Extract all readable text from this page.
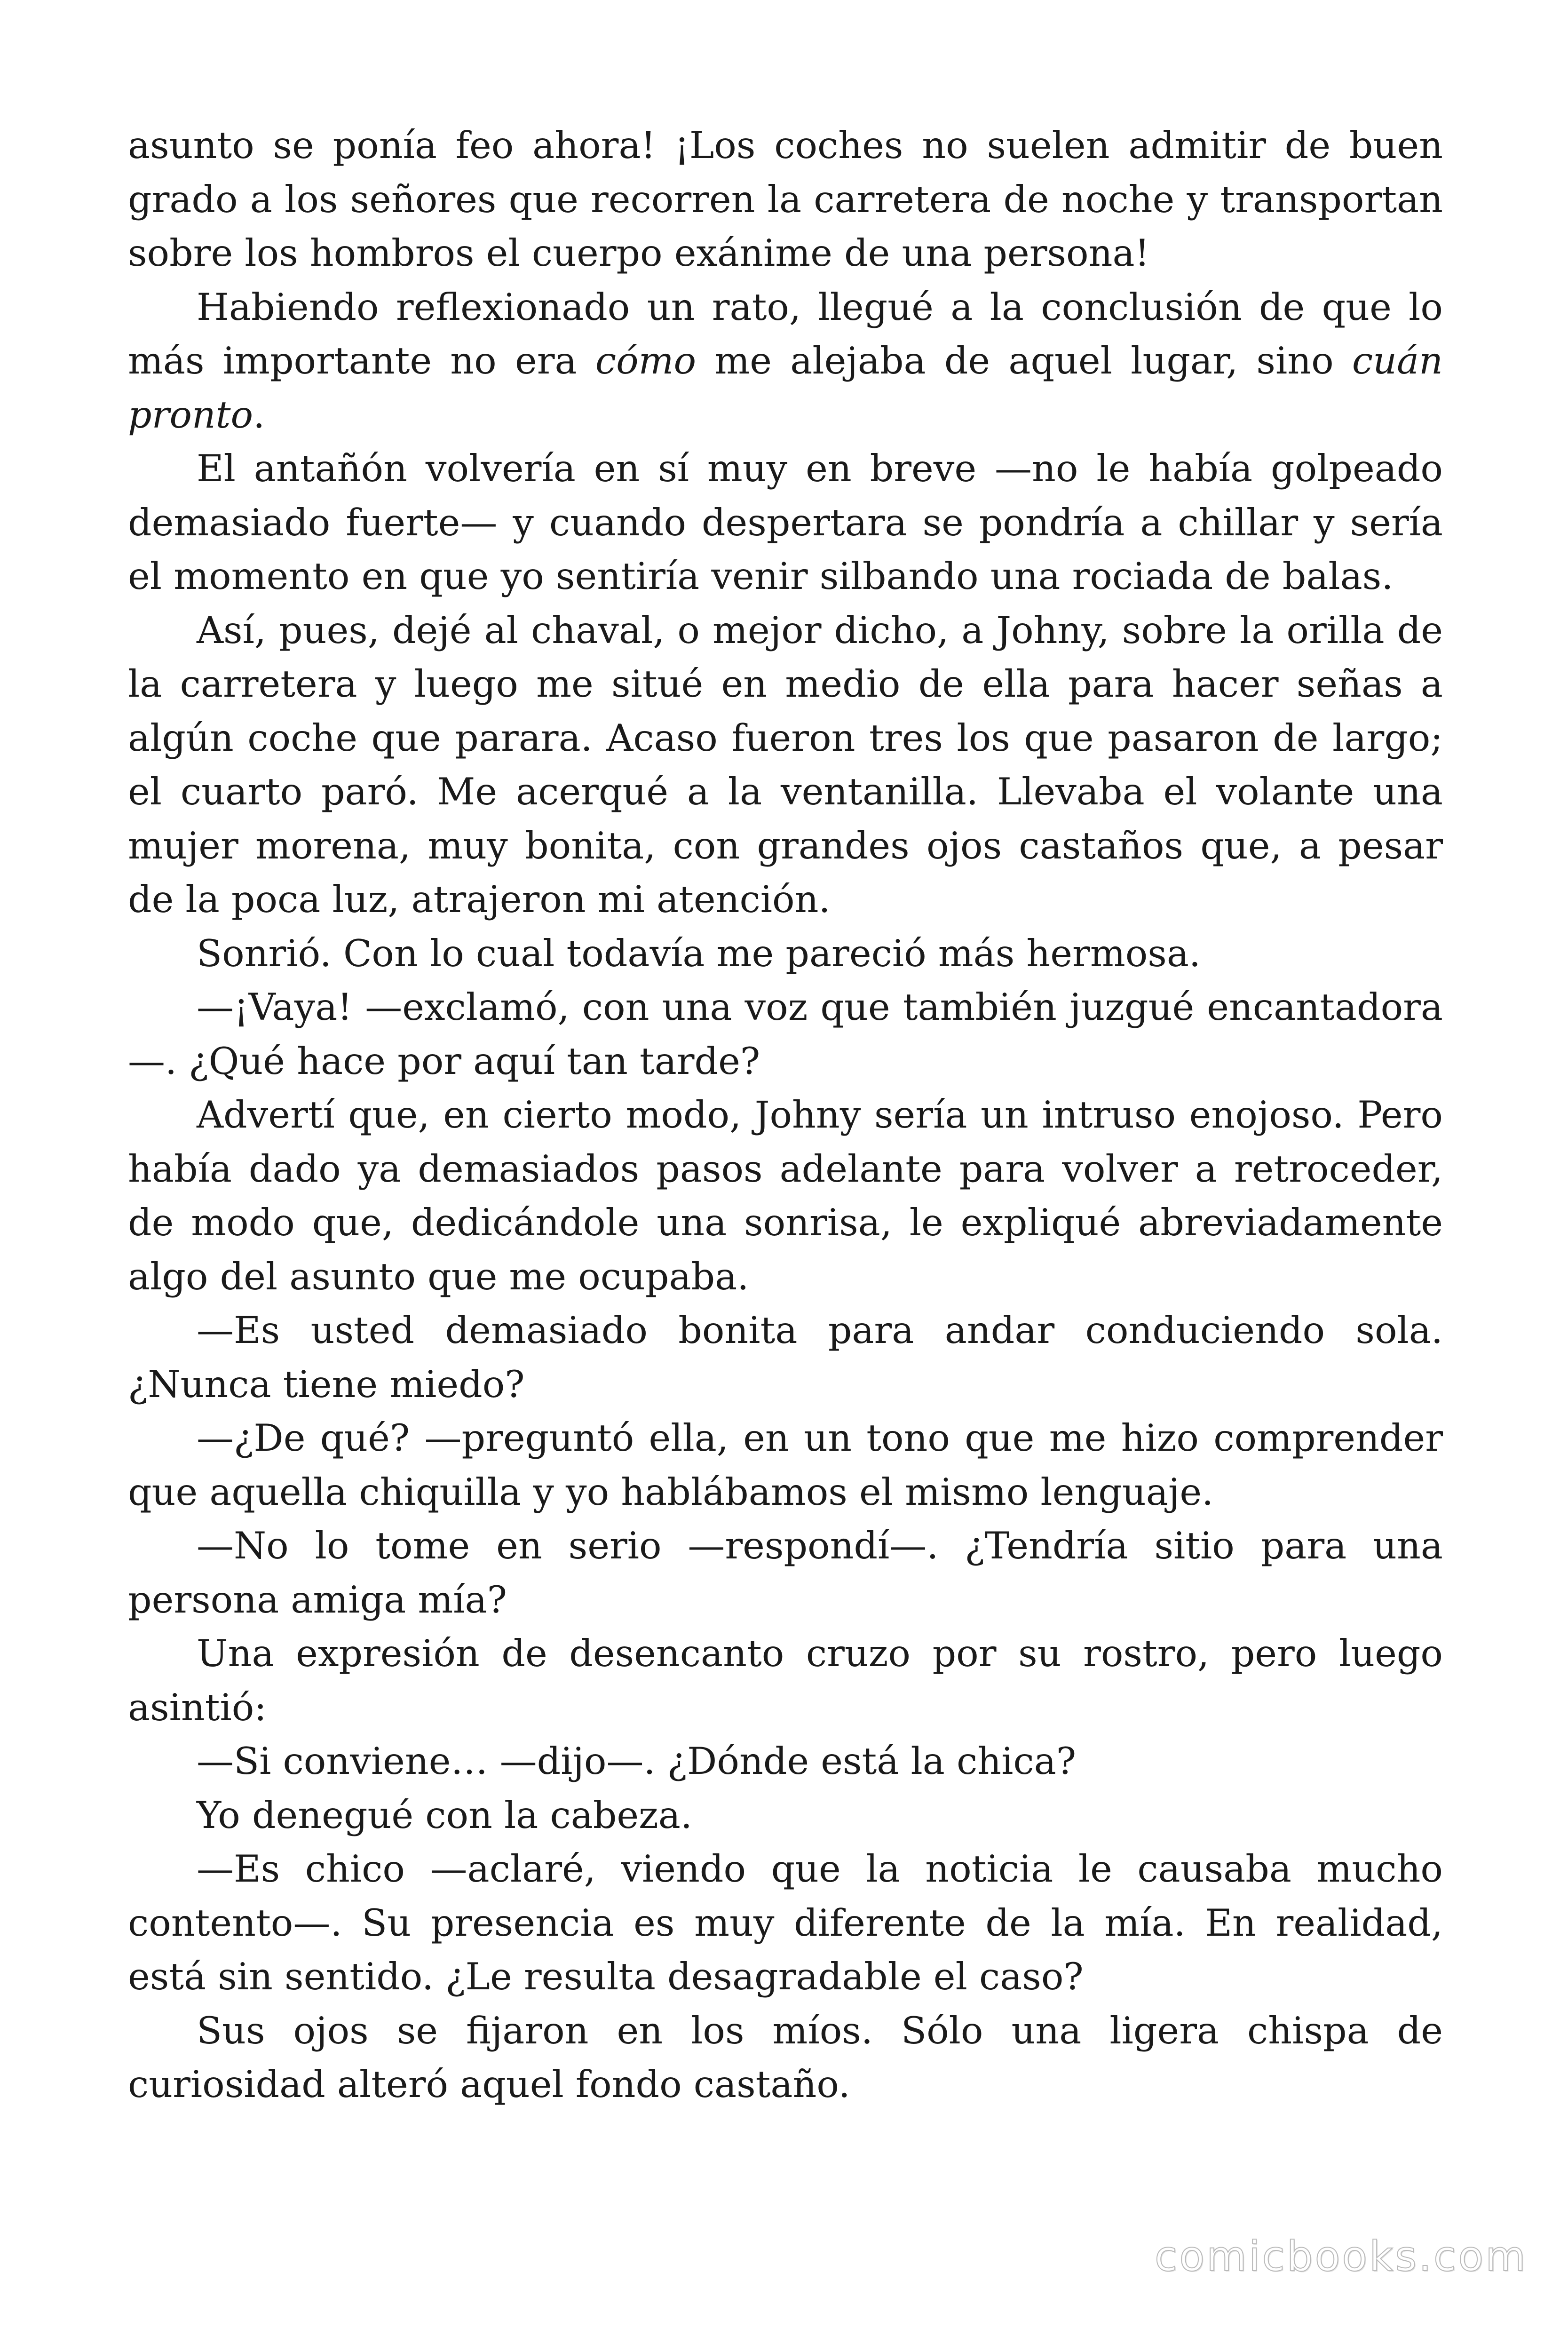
asunto se ponía feo ahora! ¡Los coches no suelen admitir de buen grado a los señores que recorren la carretera de noche y transportan sobre los hombros el cuerpo exánime de una persona!

Habiendo reflexionado un rato, llegué a la conclusión de que lo más importante no era cómo me alejaba de aquel lugar, sino cuán pronto.

El antañón volvería en sí muy en breve —no le había golpeado demasiado fuerte— y cuando despertara se pondría a chillar y sería el momento en que yo sentiría venir silbando una rociada de balas.

Así, pues, dejé al chaval, o mejor dicho, a Johny, sobre la orilla de la carretera y luego me situé en medio de ella para hacer señas a algún coche que parara. Acaso fueron tres los que pasaron de largo; el cuarto paró. Me acerqué a la ventanilla. Llevaba el volante una mujer morena, muy bonita, con grandes ojos castaños que, a pesar de la poca luz, atrajeron mi atención.

Sonrió. Con lo cual todavía me pareció más hermosa.

—¡Vaya! —exclamó, con una voz que también juzgué encantadora—. ¿Qué hace por aquí tan tarde?

Advertí que, en cierto modo, Johny sería un intruso enojoso. Pero había dado ya demasiados pasos adelante para volver a retroceder, de modo que, dedicándole una sonrisa, le expliqué abreviadamente algo del asunto que me ocupaba.

—Es usted demasiado bonita para andar conduciendo sola. ¿Nunca tiene miedo?

—¿De qué? —preguntó ella, en un tono que me hizo comprender que aquella chiquilla y yo hablábamos el mismo lenguaje.

—No lo tome en serio —respondí—. ¿Tendría sitio para una persona amiga mía?

Una expresión de desencanto cruzo por su rostro, pero luego asintió:

—Si conviene… —dijo—. ¿Dónde está la chica?

Yo denegué con la cabeza.

—Es chico —aclaré, viendo que la noticia le causaba mucho contento—. Su presencia es muy diferente de la mía. En realidad, está sin sentido. ¿Le resulta desagradable el caso?

Sus ojos se fijaron en los míos. Sólo una ligera chispa de curiosidad alteró aquel fondo castaño.

comicbooks.com
